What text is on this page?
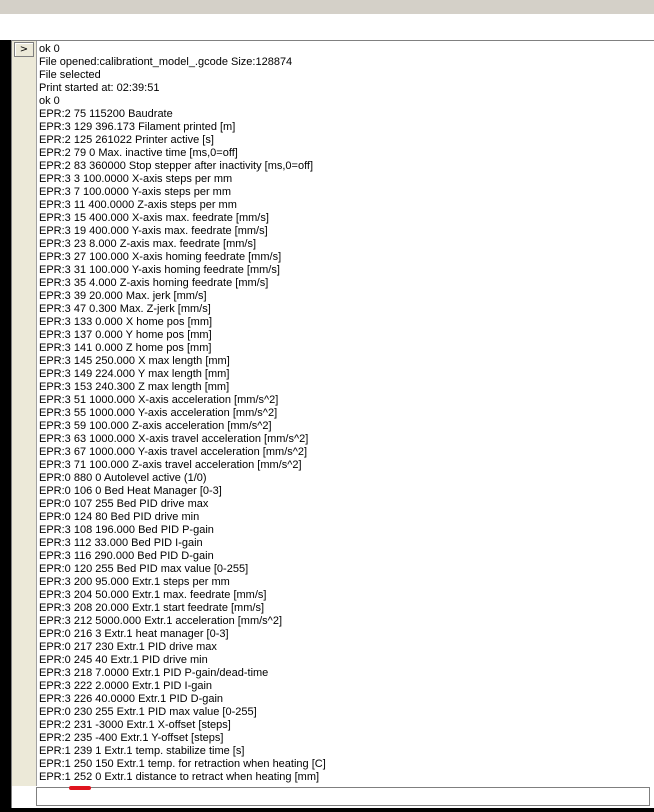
> ok 0
File opened:calibrationt_model_.gcode Size:128874
File selected
Print started at: 02:39:51
ok 0
EPR:2 75 115200 Baudrate
EPR:3 129 396.173 Filament printed [m]
EPR:2 125 261022 Printer active [s]
EPR:2 79 0 Max. inactive time [ms,0=off]
EPR:2 83 360000 Stop stepper after inactivity [ms,0=off]
EPR:3 3 100.0000 X-axis steps per mm
EPR:3 7 100.0000 Y-axis steps per mm
EPR:3 11 400.0000 Z-axis steps per mm
EPR:3 15 400.000 X-axis max. feedrate [mm/s]
EPR:3 19 400.000 Y-axis max. feedrate [mm/s]
EPR:3 23 8.000 Z-axis max. feedrate [mm/s]
EPR:3 27 100.000 X-axis homing feedrate [mm/s]
EPR:3 31 100.000 Y-axis homing feedrate [mm/s]
EPR:3 35 4.000 Z-axis homing feedrate [mm/s]
EPR:3 39 20.000 Max. jerk [mm/s]
EPR:3 47 0.300 Max. Z-jerk [mm/s]
EPR:3 133 0.000 X home pos [mm]
EPR:3 137 0.000 Y home pos [mm]
EPR:3 141 0.000 Z home pos [mm]
EPR:3 145 250.000 X max length [mm]
EPR:3 149 224.000 Y max length [mm]
EPR:3 153 240.300 Z max length [mm]
EPR:3 51 1000.000 X-axis acceleration [mm/s^2]
EPR:3 55 1000.000 Y-axis acceleration [mm/s^2]
EPR:3 59 100.000 Z-axis acceleration [mm/s^2]
EPR:3 63 1000.000 X-axis travel acceleration [mm/s^2]
EPR:3 67 1000.000 Y-axis travel acceleration [mm/s^2]
EPR:3 71 100.000 Z-axis travel acceleration [mm/s^2]
EPR:0 880 0 Autolevel active (1/0)
EPR:0 106 0 Bed Heat Manager [0-3]
EPR:0 107 255 Bed PID drive max
EPR:0 124 80 Bed PID drive min
EPR:3 108 196.000 Bed PID P-gain
EPR:3 112 33.000 Bed PID I-gain
EPR:3 116 290.000 Bed PID D-gain
EPR:0 120 255 Bed PID max value [0-255]
EPR:3 200 95.000 Extr.1 steps per mm
EPR:3 204 50.000 Extr.1 max. feedrate [mm/s]
EPR:3 208 20.000 Extr.1 start feedrate [mm/s]
EPR:3 212 5000.000 Extr.1 acceleration [mm/s^2]
EPR:0 216 3 Extr.1 heat manager [0-3]
EPR:0 217 230 Extr.1 PID drive max
EPR:0 245 40 Extr.1 PID drive min
EPR:3 218 7.0000 Extr.1 PID P-gain/dead-time
EPR:3 222 2.0000 Extr.1 PID I-gain
EPR:3 226 40.0000 Extr.1 PID D-gain
EPR:0 230 255 Extr.1 PID max value [0-255]
EPR:2 231 -3000 Extr.1 X-offset [steps]
EPR:2 235 -400 Extr.1 Y-offset [steps]
EPR:1 239 1 Extr.1 temp. stabilize time [s]
EPR:1 250 150 Extr.1 temp. for retraction when heating [C]
EPR:1 252 0 Extr.1 distance to retract when heating [mm]
